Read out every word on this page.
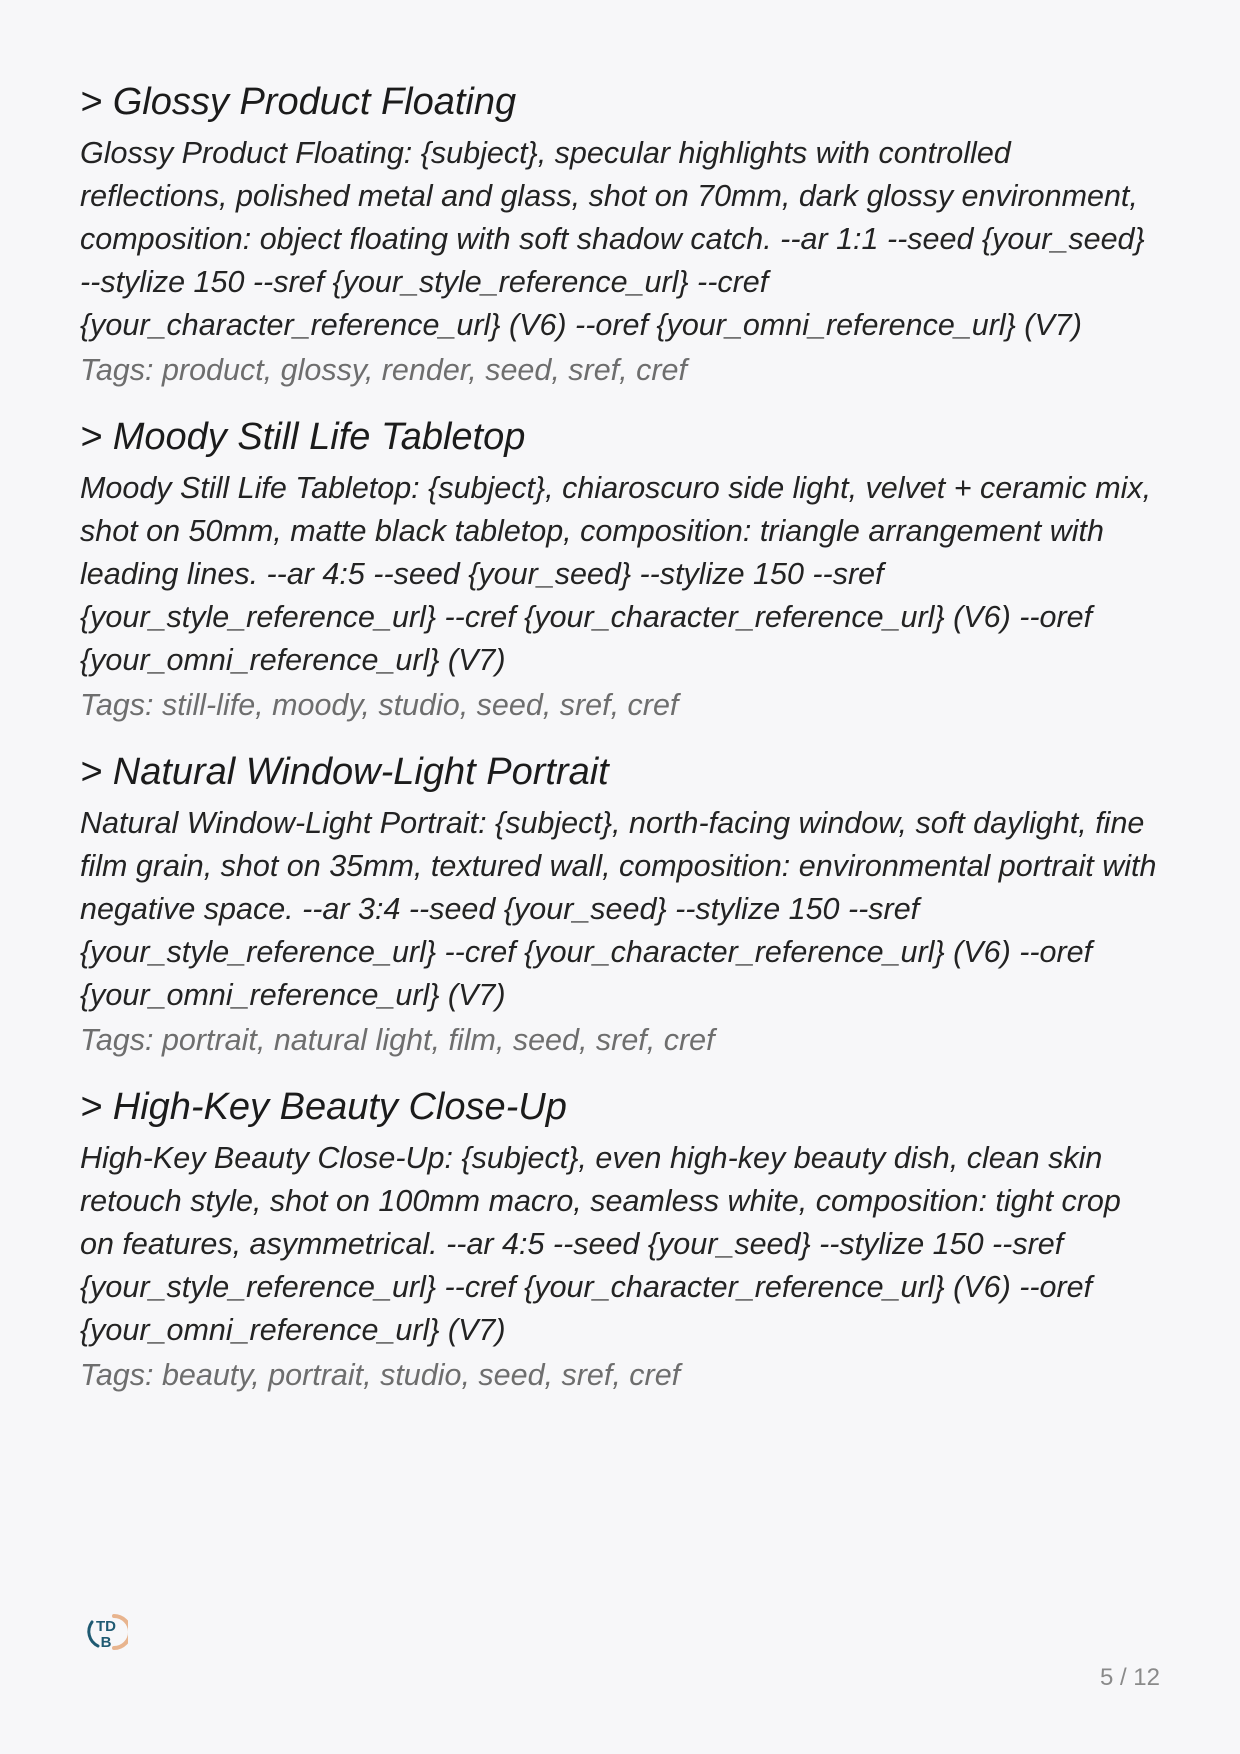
> Glossy Product Floating

Glossy Product Floating: {subject}, specular highlights with controlled reflections, polished metal and glass, shot on 70mm, dark glossy environment, composition: object floating with soft shadow catch. --ar 1:1 --seed {your_seed} --stylize 150 --sref {your_style_reference_url} --cref {your_character_reference_url} (V6) --oref {your_omni_reference_url} (V7)

Tags: product, glossy, render, seed, sref, cref

> Moody Still Life Tabletop

Moody Still Life Tabletop: {subject}, chiaroscuro side light, velvet + ceramic mix, shot on 50mm, matte black tabletop, composition: triangle arrangement with leading lines. --ar 4:5 --seed {your_seed} --stylize 150 --sref {your_style_reference_url} --cref {your_character_reference_url} (V6) --oref {your_omni_reference_url} (V7)

Tags: still-life, moody, studio, seed, sref, cref

> Natural Window-Light Portrait

Natural Window-Light Portrait: {subject}, north-facing window, soft daylight, fine film grain, shot on 35mm, textured wall, composition: environmental portrait with negative space. --ar 3:4 --seed {your_seed} --stylize 150 --sref {your_style_reference_url} --cref {your_character_reference_url} (V6) --oref {your_omni_reference_url} (V7)

Tags: portrait, natural light, film, seed, sref, cref

> High-Key Beauty Close-Up

High-Key Beauty Close-Up: {subject}, even high-key beauty dish, clean skin retouch style, shot on 100mm macro, seamless white, composition: tight crop on features, asymmetrical. --ar 4:5 --seed {your_seed} --stylize 150 --sref {your_style_reference_url} --cref {your_character_reference_url} (V6) --oref {your_omni_reference_url} (V7)

Tags: beauty, portrait, studio, seed, sref, cref

TD
B
5 / 12
